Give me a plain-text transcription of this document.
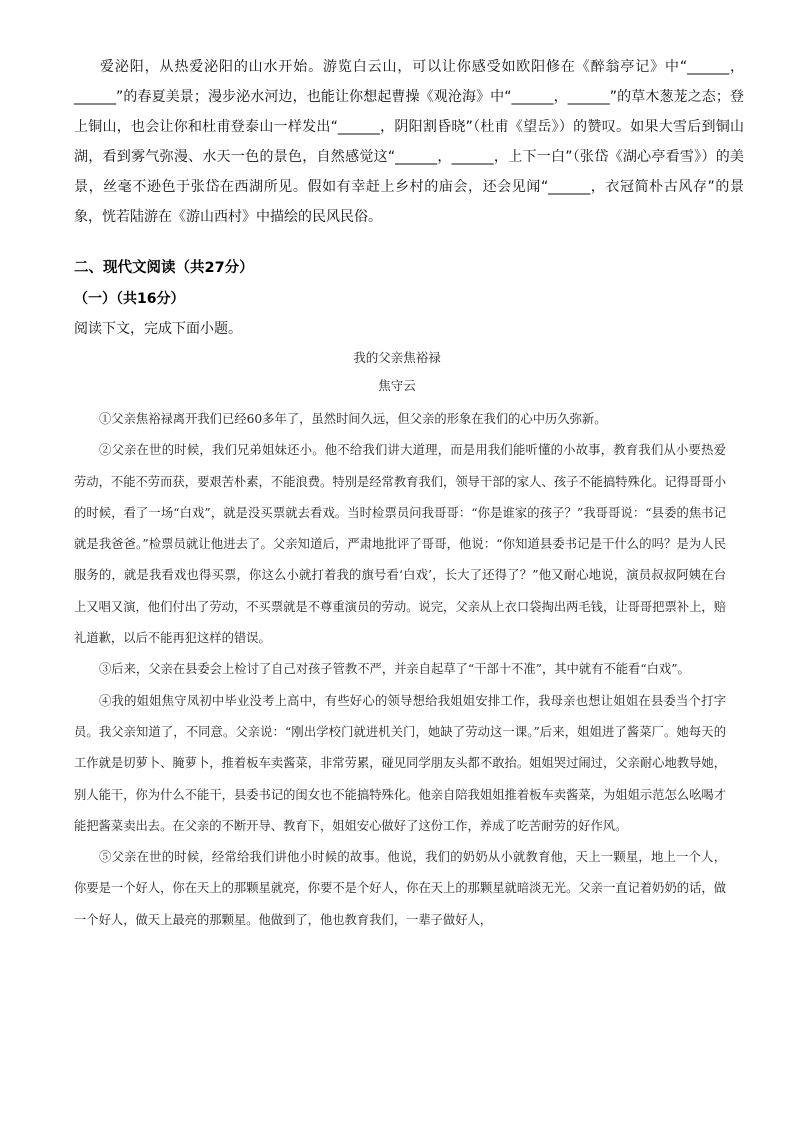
爱泌阳，从热爱泌阳的山水开始。游览白云山，可以让你感受如欧阳修在《醉翁亭记》中“______，______”的春夏美景；漫步泌水河边，也能让你想起曹操《观沧海》中“______，______”的草木葱茏之态；登上铜山，也会让你和杜甫登泰山一样发出“______，阴阳割昏晓”（杜甫《望岳》）的赞叹。如果大雪后到铜山湖，看到雾气弥漫、水天一色的景色，自然感觉这“______，______，上下一白”（张岱《湖心亭看雪》）的美景，丝毫不逊色于张岱在西湖所见。假如有幸赶上乡村的庙会，还会见闻“______，衣冠简朴古风存”的景象，恍若陆游在《游山西村》中描绘的民风民俗。

二、现代文阅读（共27分）
（一）（共16分）
阅读下文，完成下面小题。
我的父亲焦裕禄
焦守云

①父亲焦裕禄离开我们已经60多年了，虽然时间久远，但父亲的形象在我们的心中历久弥新。

②父亲在世的时候，我们兄弟姐妹还小。他不给我们讲大道理，而是用我们能听懂的小故事，教育我们从小要热爱劳动，不能不劳而获，要艰苦朴素，不能浪费。特别是经常教育我们，领导干部的家人、孩子不能搞特殊化。记得哥哥小的时候，看了一场“白戏”，就是没买票就去看戏。当时检票员问我哥哥：“你是谁家的孩子？”我哥哥说：“县委的焦书记就是我爸爸。”检票员就让他进去了。父亲知道后，严肃地批评了哥哥，他说：“你知道县委书记是干什么的吗？是为人民服务的，就是我看戏也得买票，你这么小就打着我的旗号看‘白戏’，长大了还得了？”他又耐心地说，演员叔叔阿姨在台上又唱又演，他们付出了劳动，不买票就是不尊重演员的劳动。说完，父亲从上衣口袋掏出两毛钱，让哥哥把票补上，赔礼道歉，以后不能再犯这样的错误。

③后来，父亲在县委会上检讨了自己对孩子管教不严，并亲自起草了“干部十不准”，其中就有不能看“白戏”。

④我的姐姐焦守凤初中毕业没考上高中，有些好心的领导想给我姐姐安排工作，我母亲也想让姐姐在县委当个打字员。我父亲知道了，不同意。父亲说：“刚出学校门就进机关门，她缺了劳动这一课。”后来，姐姐进了酱菜厂。她每天的工作就是切萝卜、腌萝卜，推着板车卖酱菜，非常劳累，碰见同学朋友头都不敢抬。姐姐哭过闹过，父亲耐心地教导她，别人能干，你为什么不能干，县委书记的闺女也不能搞特殊化。他亲自陪我姐姐推着板车卖酱菜，为姐姐示范怎么吆喝才能把酱菜卖出去。在父亲的不断开导、教育下，姐姐安心做好了这份工作，养成了吃苦耐劳的好作风。

⑤父亲在世的时候，经常给我们讲他小时候的故事。他说，我们的奶奶从小就教育他，天上一颗星，地上一个人，你要是一个好人，你在天上的那颗星就亮，你要不是个好人，你在天上的那颗星就暗淡无光。父亲一直记着奶奶的话，做一个好人，做天上最亮的那颗星。他做到了，他也教育我们，一辈子做好人，
